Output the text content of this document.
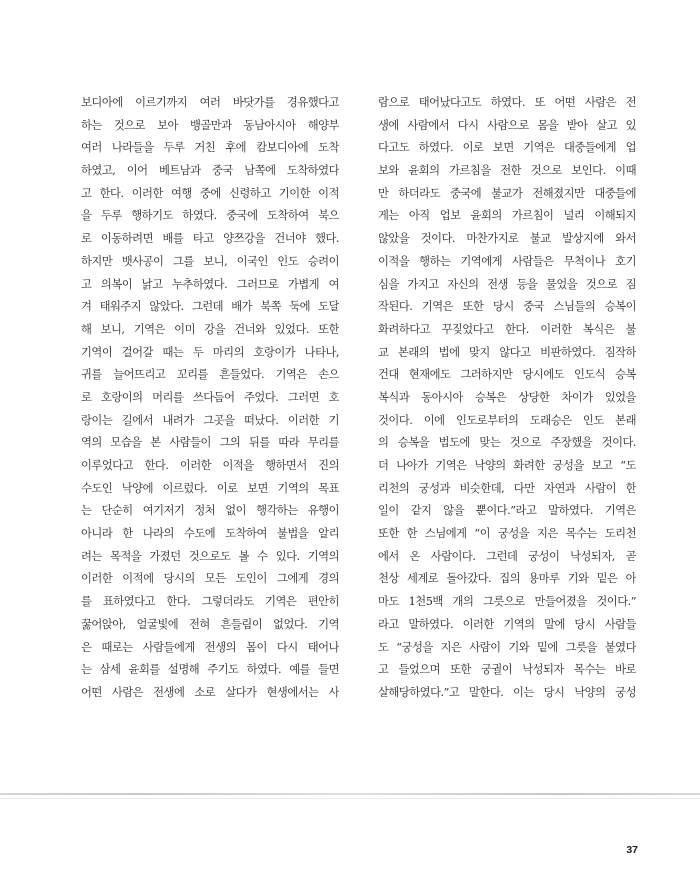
보디아에 이르기까지 여러 바닷가를 경유했다고
하는 것으로 보아 뱅골만과 동남아시아 해양부
여러 나라들을 두루 거친 후에 캄보디아에 도착
하였고, 이어 베트남과 중국 남쪽에 도착하였다
고 한다. 이러한 여행 중에 신령하고 기이한 이적
을 두루 행하기도 하였다. 중국에 도착하여 북으
로 이동하려면 배를 타고 양쯔강을 건너야 했다.
하지만 뱃사공이 그를 보니, 이국인 인도 승려이
고 의복이 낡고 누추하였다. 그러므로 가볍게 여
겨 태워주지 않았다. 그런데 배가 북쪽 둑에 도달
해 보니, 기역은 이미 강을 건너와 있었다. 또한
기역이 걸어갈 때는 두 마리의 호랑이가 나타나,
귀를 늘어뜨리고 꼬리를 흔들었다. 기역은 손으
로 호랑이의 머리를 쓰다듬어 주었다. 그러면 호
랑이는 길에서 내려가 그곳을 떠났다. 이러한 기
역의 모습을 본 사람들이 그의 뒤를 따라 무리를
이루었다고 한다. 이러한 이적을 행하면서 진의
수도인 낙양에 이르렀다. 이로 보면 기역의 목표
는 단순히 여기저기 정처 없이 행각하는 유행이
아니라 한 나라의 수도에 도착하여 불법을 알리
려는 목적을 가졌던 것으로도 볼 수 있다. 기역의
이러한 이적에 당시의 모든 도인이 그에게 경의
를 표하였다고 한다. 그렇더라도 기역은 편안히
꿇어앉아, 얼굴빛에 전혀 흔들림이 없었다. 기역
은 때로는 사람들에게 전생의 몸이 다시 태어나
는 삼세 윤회를 설명해 주기도 하였다. 예를 들면
어떤 사람은 전생에 소로 살다가 현생에서는 사
람으로 태어났다고도 하였다. 또 어떤 사람은 전
생에 사람에서 다시 사람으로 몸을 받아 살고 있
다고도 하였다. 이로 보면 기역은 대중들에게 업
보와 윤회의 가르침을 전한 것으로 보인다. 이때
만 하더라도 중국에 불교가 전해졌지만 대중들에
게는 아직 업보 윤회의 가르침이 널리 이해되지
않았을 것이다. 마찬가지로 불교 발상지에 와서
이적을 행하는 기역에게 사람들은 무척이나 호기
심을 가지고 자신의 전생 등을 물었을 것으로 짐
작된다. 기역은 또한 당시 중국 스님들의 승복이
화려하다고 꾸짖었다고 한다. 이러한 복식은 불
교 본래의 법에 맞지 않다고 비판하였다. 짐작하
건대 현재에도 그러하지만 당시에도 인도식 승복
복식과 동아시아 승복은 상당한 차이가 있었을
것이다. 이에 인도로부터의 도래승은 인도 본래
의 승복을 법도에 맞는 것으로 주장했을 것이다.
더 나아가 기역은 낙양의 화려한 궁성을 보고 “도
리천의 궁성과 비슷한데, 다만 자연과 사람이 한
일이 같지 않을 뿐이다.”라고 말하였다. 기역은
또한 한 스님에게 “이 궁성을 지은 목수는 도리천
에서 온 사람이다. 그런데 궁성이 낙성되자, 곧
천상 세계로 돌아갔다. 집의 용마루 기와 밑은 아
마도 1천5백 개의 그릇으로 만들어졌을 것이다.”
라고 말하였다. 이러한 기역의 말에 당시 사람들
도 “궁성을 지은 사람이 기와 밑에 그릇을 붙였다
고 들었으며 또한 궁궐이 낙성되자 목수는 바로
살해당하였다.”고 말한다. 이는 당시 낙양의 궁성
37
